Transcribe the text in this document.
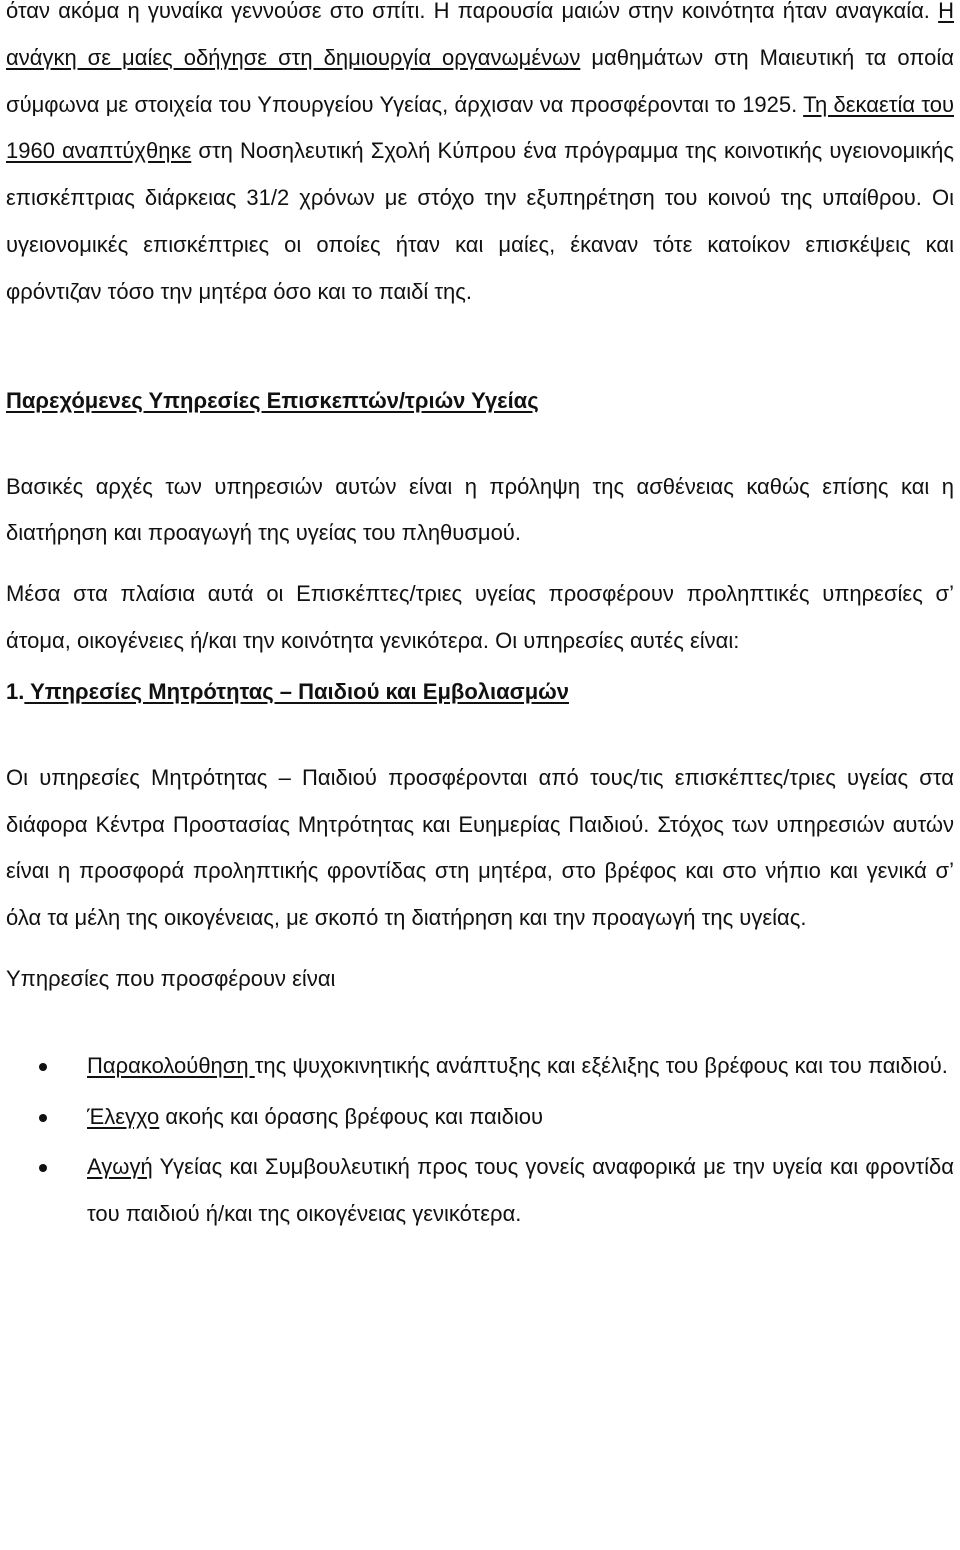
όταν ακόμα η γυναίκα γεννούσε στο σπίτι. Η παρουσία μαιών στην κοινότητα ήταν αναγκαία. Η ανάγκη σε μαίες οδήγησε στη δημιουργία οργανωμένων μαθημάτων στη Μαιευτική τα οποία σύμφωνα με στοιχεία του Υπουργείου Υγείας, άρχισαν να προσφέρονται το 1925. Τη δεκαετία του 1960 αναπτύχθηκε στη Νοσηλευτική Σχολή Κύπρου ένα πρόγραμμα της κοινοτικής υγειονομικής επισκέπτριας διάρκειας 31/2 χρόνων με στόχο την εξυπηρέτηση του κοινού της υπαίθρου. Οι υγειονομικές επισκέπτριες οι οποίες ήταν και μαίες, έκαναν τότε κατοίκον επισκέψεις και φρόντιζαν τόσο την μητέρα όσο και το παιδί της.

Παρεχόμενες Υπηρεσίες Επισκεπτών/τριών Υγείας

Βασικές αρχές των υπηρεσιών αυτών είναι η πρόληψη της ασθένειας καθώς επίσης και η διατήρηση και προαγωγή της υγείας του πληθυσμού.

Μέσα στα πλαίσια αυτά οι Επισκέπτες/τριες υγείας προσφέρουν προληπτικές υπηρεσίες σ’ άτομα, οικογένειες ή/και την κοινότητα γενικότερα. Οι υπηρεσίες αυτές είναι:

1. Υπηρεσίες Μητρότητας – Παιδιού και Εμβολιασμών

Οι υπηρεσίες Μητρότητας – Παιδιού προσφέρονται από τους/τις επισκέπτες/τριες υγείας στα διάφορα Κέντρα Προστασίας Μητρότητας και Ευημερίας Παιδιού. Στόχος των υπηρεσιών αυτών είναι η προσφορά προληπτικής φροντίδας στη μητέρα, στο βρέφος και στο νήπιο και γενικά σ’ όλα τα μέλη της οικογένειας, με σκοπό τη διατήρηση και την προαγωγή της υγείας.

Υπηρεσίες που προσφέρουν είναι

Παρακολούθηση της ψυχοκινητικής ανάπτυξης και εξέλιξης του βρέφους και του παιδιού.
Έλεγχο ακοής και όρασης βρέφους και παιδιου
Αγωγή Υγείας και Συμβουλευτική προς τους γονείς αναφορικά με την υγεία και φροντίδα του παιδιού ή/και της οικογένειας γενικότερα.
